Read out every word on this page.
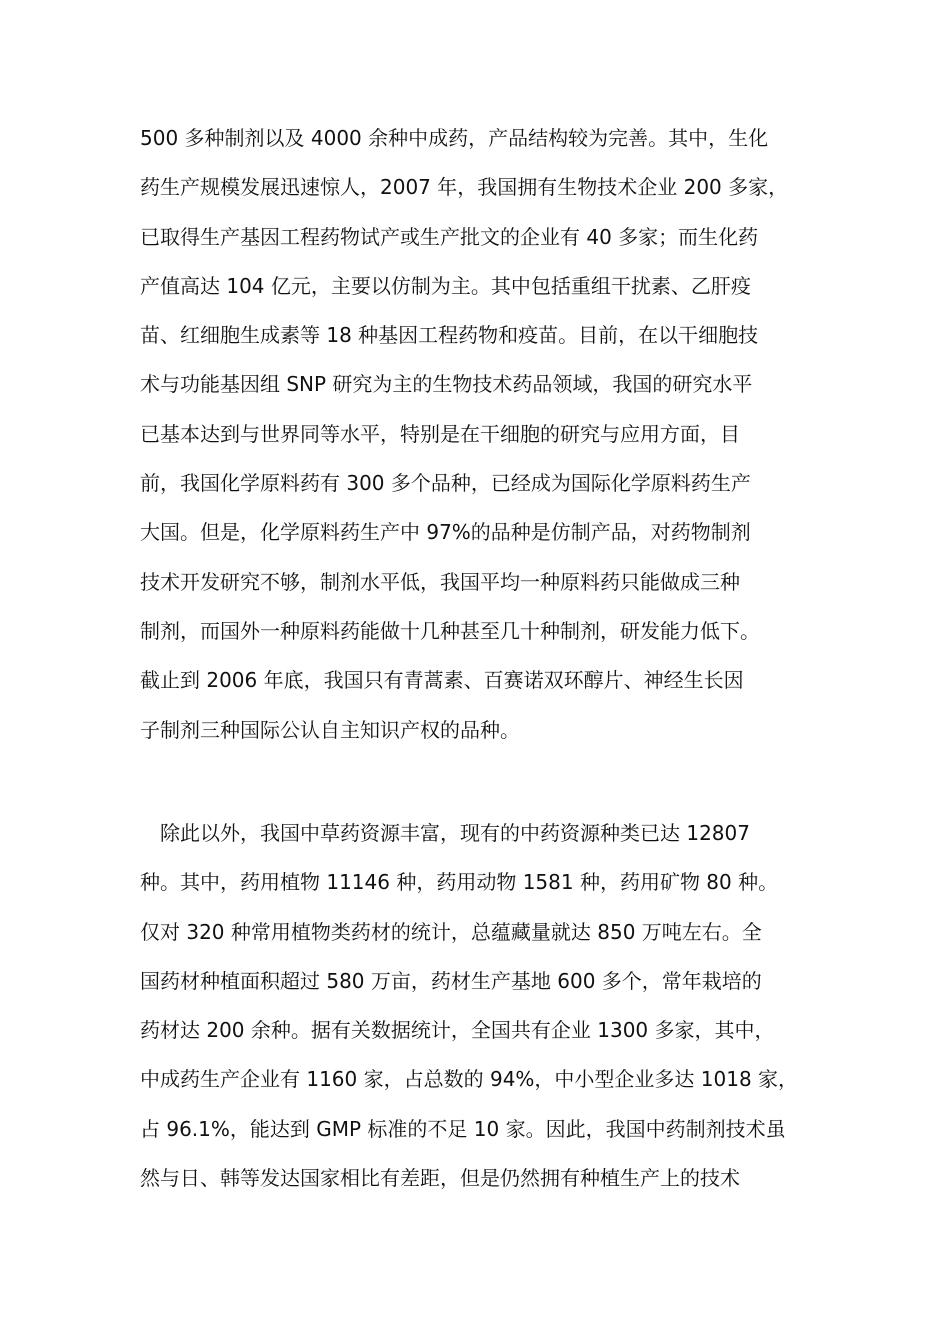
500 多种制剂以及 4000 余种中成药，产品结构较为完善。其中，生化
药生产规模发展迅速惊人，2007 年，我国拥有生物技术企业 200 多家，
已取得生产基因工程药物试产或生产批文的企业有 40 多家；而生化药
产值高达 104 亿元，主要以仿制为主。其中包括重组干扰素、乙肝疫
苗、红细胞生成素等 18 种基因工程药物和疫苗。目前，在以干细胞技
术与功能基因组 SNP 研究为主的生物技术药品领域，我国的研究水平
已基本达到与世界同等水平，特别是在干细胞的研究与应用方面，目
前，我国化学原料药有 300 多个品种，已经成为国际化学原料药生产
大国。但是，化学原料药生产中 97%的品种是仿制产品，对药物制剂
技术开发研究不够，制剂水平低，我国平均一种原料药只能做成三种
制剂，而国外一种原料药能做十几种甚至几十种制剂，研发能力低下。
截止到 2006 年底，我国只有青蒿素、百赛诺双环醇片、神经生长因
子制剂三种国际公认自主知识产权的品种。
　除此以外，我国中草药资源丰富，现有的中药资源种类已达 12807
种。其中，药用植物 11146 种，药用动物 1581 种，药用矿物 80 种。
仅对 320 种常用植物类药材的统计，总蕴藏量就达 850 万吨左右。全
国药材种植面积超过 580 万亩，药材生产基地 600 多个，常年栽培的
药材达 200 余种。据有关数据统计，全国共有企业 1300 多家，其中，
中成药生产企业有 1160 家，占总数的 94%，中小型企业多达 1018 家，
占 96.1%，能达到 GMP 标准的不足 10 家。因此，我国中药制剂技术虽
然与日、韩等发达国家相比有差距，但是仍然拥有种植生产上的技术
